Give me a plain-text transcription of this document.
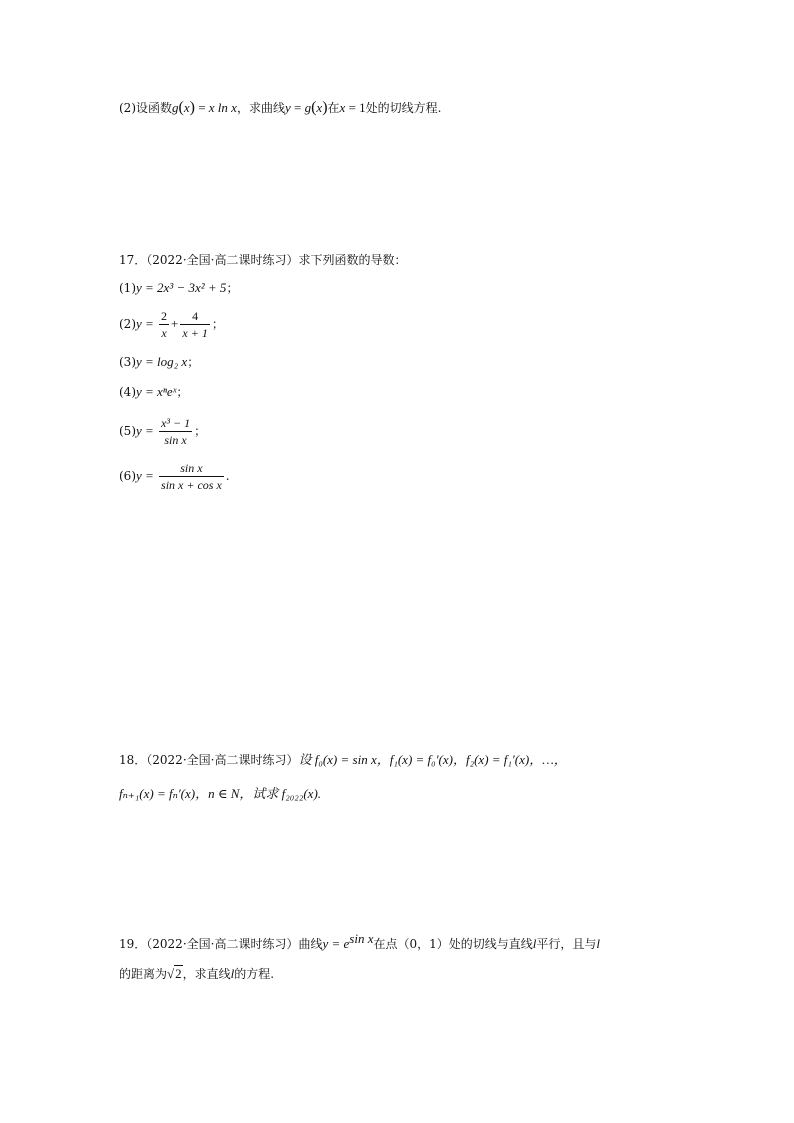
(2)设函数g(x) = x ln x，求曲线y = g(x)在x = 1处的切线方程.
17．（2022·全国·高二课时练习）求下列函数的导数：
(1)y = 2x³ − 3x² + 5；
$(2)y = \frac{2}{x} + \frac{4}{x + 1}$ ；
(3)y = log₂ x；
(4)y = xⁿeˣ；
$(5)y = \frac{\text{x³ − 1}}{\text{sin x}}$ ；
$(6)y = \frac{\text{sin x}}{\text{sin x + cos x}}$ .
18．（2022·全国·高二课时练习）设 f₀(x) = sin x，f₁(x) = f₀′(x)，f₂(x) = f₁′(x)，…，
fₙ₊₁(x) = fₙ′(x)，n ∈ N，试求 f₂₀₂₂(x).
19．（2022·全国·高二课时练习）曲线$y = e^{sin x}$在点（0，1）处的切线与直线l平行，且与l
的距离为√2，求直线l的方程.
